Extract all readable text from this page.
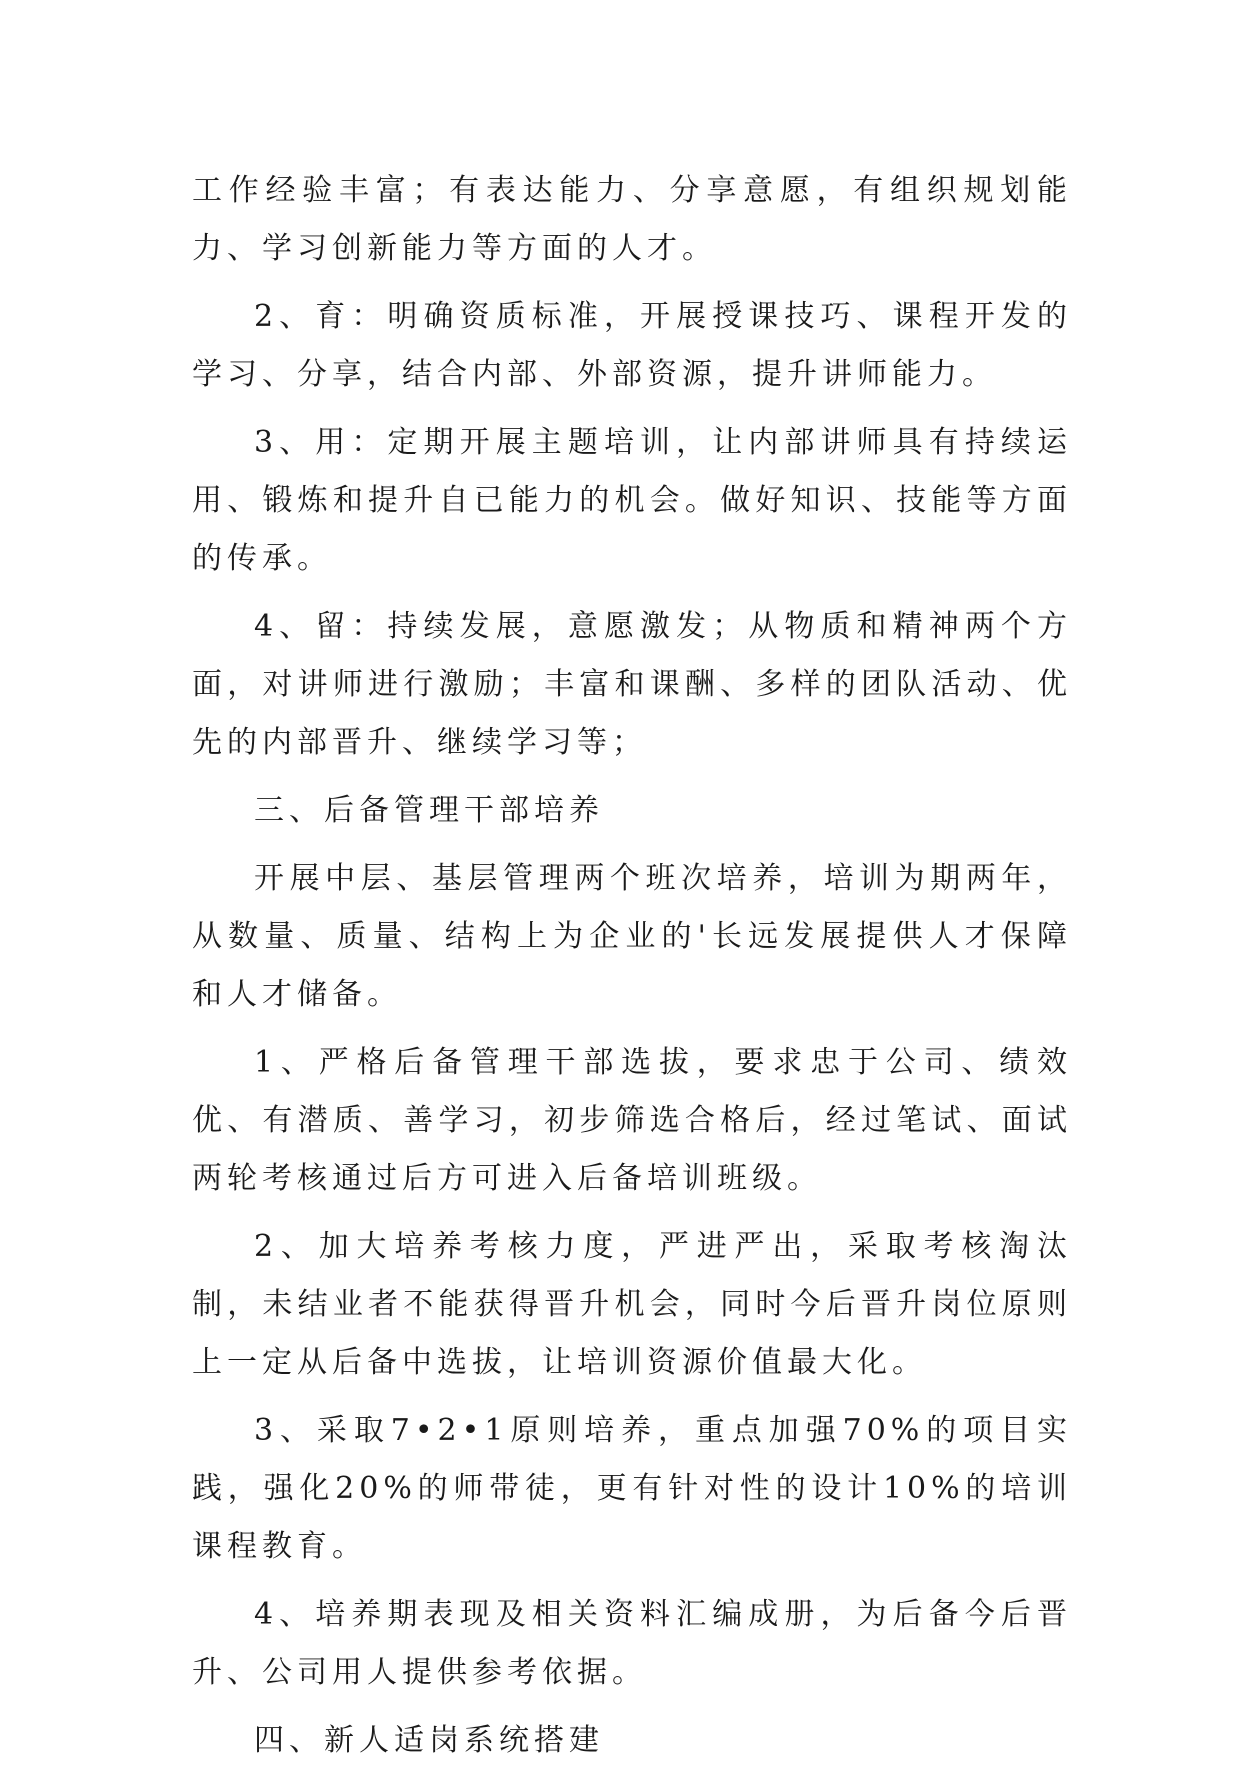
工作经验丰富；有表达能力、分享意愿，有组织规划能力、学习创新能力等方面的人才。

2、育：明确资质标准，开展授课技巧、课程开发的学习、分享，结合内部、外部资源，提升讲师能力。

3、用：定期开展主题培训，让内部讲师具有持续运用、锻炼和提升自已能力的机会。做好知识、技能等方面的传承。

4、留：持续发展，意愿激发；从物质和精神两个方面，对讲师进行激励；丰富和课酬、多样的团队活动、优先的内部晋升、继续学习等；

三、后备管理干部培养

开展中层、基层管理两个班次培养，培训为期两年，从数量、质量、结构上为企业的'长远发展提供人才保障和人才储备。

1、严格后备管理干部选拔，要求忠于公司、绩效优、有潜质、善学习，初步筛选合格后，经过笔试、面试两轮考核通过后方可进入后备培训班级。

2、加大培养考核力度，严进严出，采取考核淘汰制，未结业者不能获得晋升机会，同时今后晋升岗位原则上一定从后备中选拔，让培训资源价值最大化。

3、采取7•2•1原则培养，重点加强70%的项目实践，强化20%的师带徒，更有针对性的设计10%的培训课程教育。

4、培养期表现及相关资料汇编成册，为后备今后晋升、公司用人提供参考依据。

四、新人适岗系统搭建
